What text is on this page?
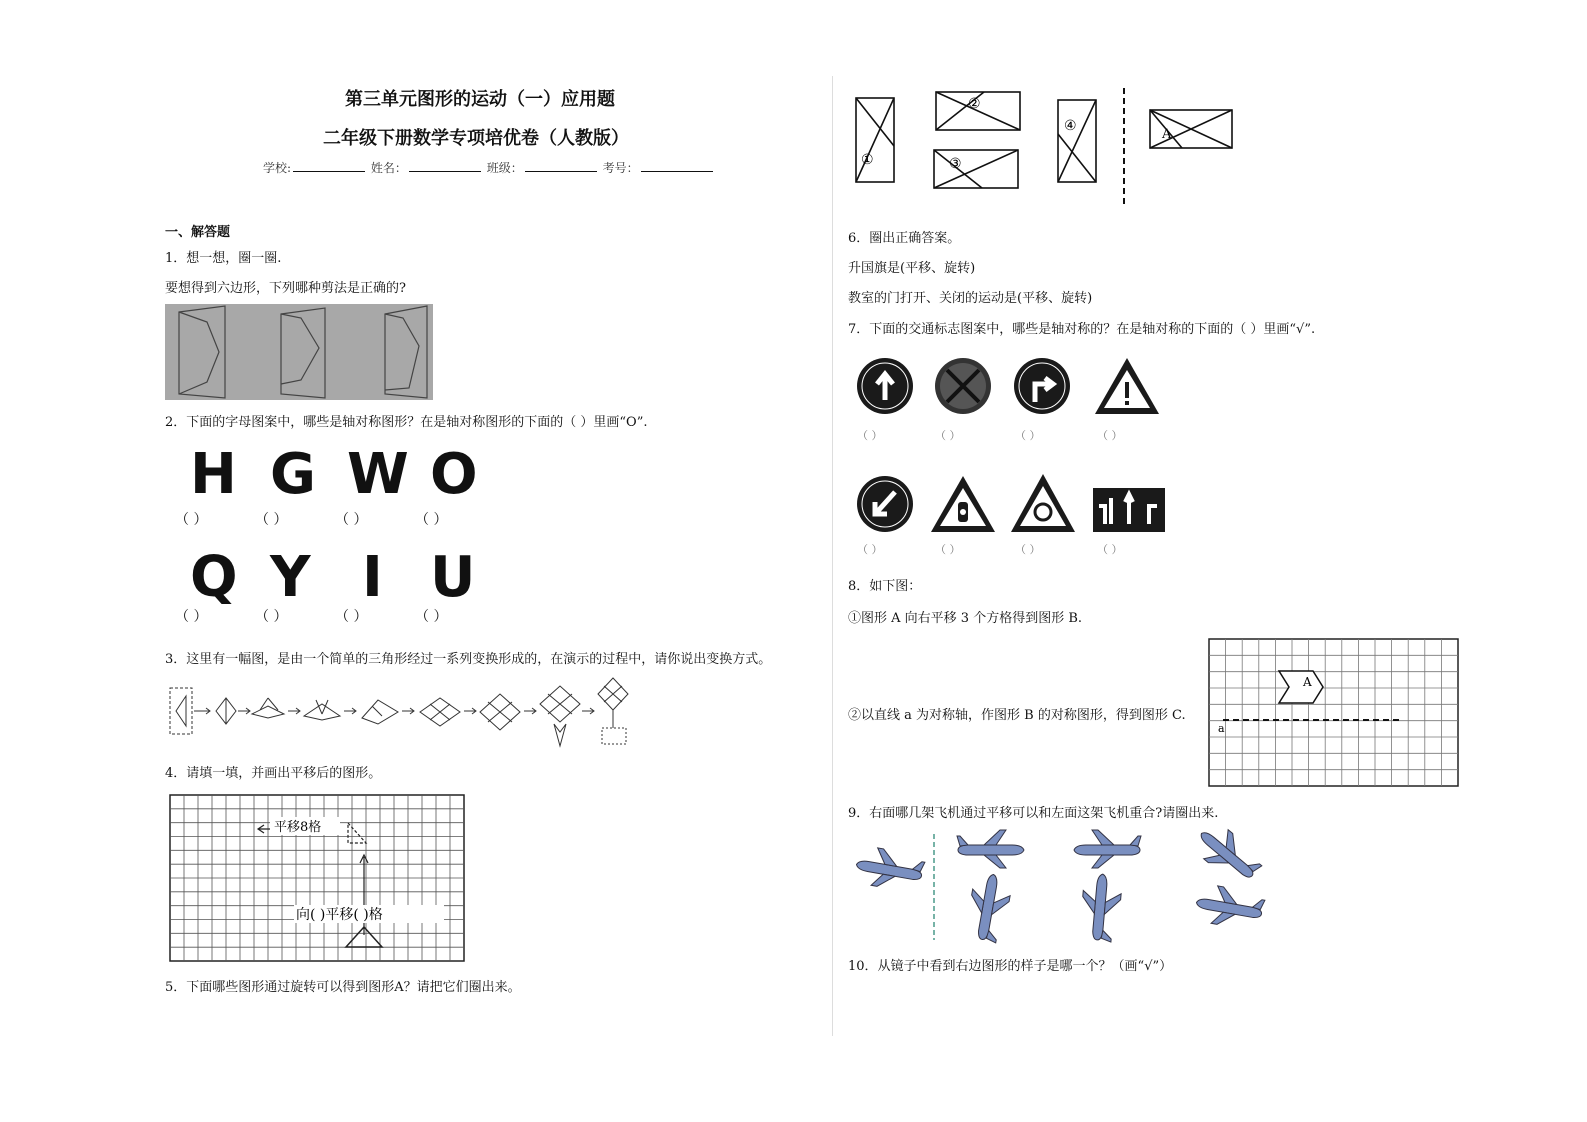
第三单元图形的运动（一）应用题
二年级下册数学专项培优卷（人教版）
学校:	姓名：	班级：	考号：
一、解答题
1．想一想，圈一圈.
要想得到六边形，下列哪种剪法是正确的?
2．下面的字母图案中，哪些是轴对称图形？在是轴对称图形的下面的（ ）里画“O”.
H G W O
（ ）	（ ）	（ ）	（ ）
Q Y I U
（ ）	（ ）	（ ）	（ ）
3．这里有一幅图，是由一个简单的三角形经过一系列变换形成的，在演示的过程中，请你说出变换方式。
4．请填一填，并画出平移后的图形。
平移8格
向( )平移( )格
5．下面哪些图形通过旋转可以得到图形A？请把它们圈出来。
①
②
③
④
A
6．圈出正确答案。
升国旗是(平移、旋转)
教室的门打开、关闭的运动是(平移、旋转)
7．下面的交通标志图案中，哪些是轴对称的？在是轴对称的下面的（ ）里画“√”.
（ ）	（ ）	（ ）	（ ）
（ ）	（ ）	（ ）	（ ）
8．如下图：
①图形 A 向右平移 3 个方格得到图形 B.
②以直线 a 为对称轴，作图形 B 的对称图形，得到图形 C.
a
A
9．右面哪几架飞机通过平移可以和左面这架飞机重合?请圈出来.
10．从镜子中看到右边图形的样子是哪一个？（画“√”）
